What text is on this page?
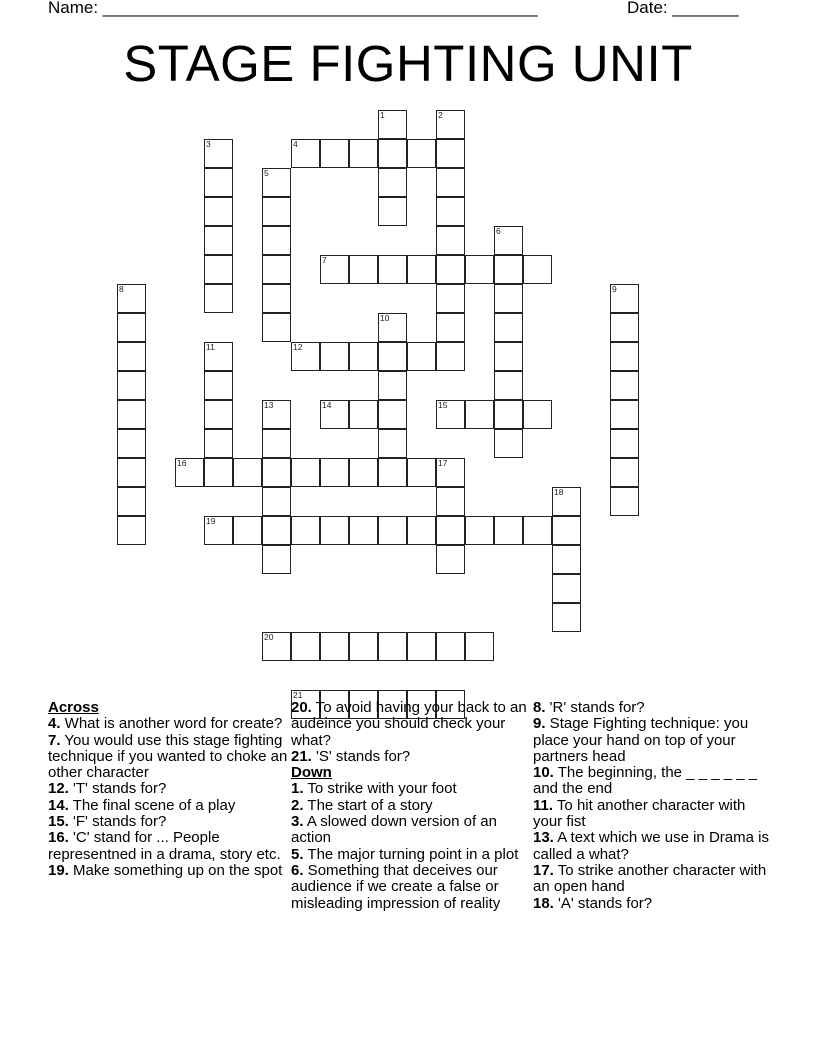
Name: ______________________________________________	Date: _______
STAGE FIGHTING UNIT
1	2
3	4
5
6
7
8	9
10
11	12
13	14	15
16	17
18
19
20
21
Across
4. What is another word for create?
7. You would use this stage fighting technique if you wanted to choke an other character
12. 'T' stands for?
14. The final scene of a play
15. 'F' stands for?
16. 'C' stand for ... People representned in a drama, story etc.
19. Make something up on the spot
20. To avoid having your back to an audeince you should check your what?
21. 'S' stands for?
Down
1. To strike with your foot
2. The start of a story
3. A slowed down version of an action
5. The major turning point in a plot
6. Something that deceives our audience if we create a false or misleading impression of reality
8. 'R' stands for?
9. Stage Fighting technique: you place your hand on top of your partners head
10. The beginning, the _ _ _ _ _ _ and the end
11. To hit another character with your fist
13. A text which we use in Drama is called a what?
17. To strike another character with an open hand
18. 'A' stands for?
